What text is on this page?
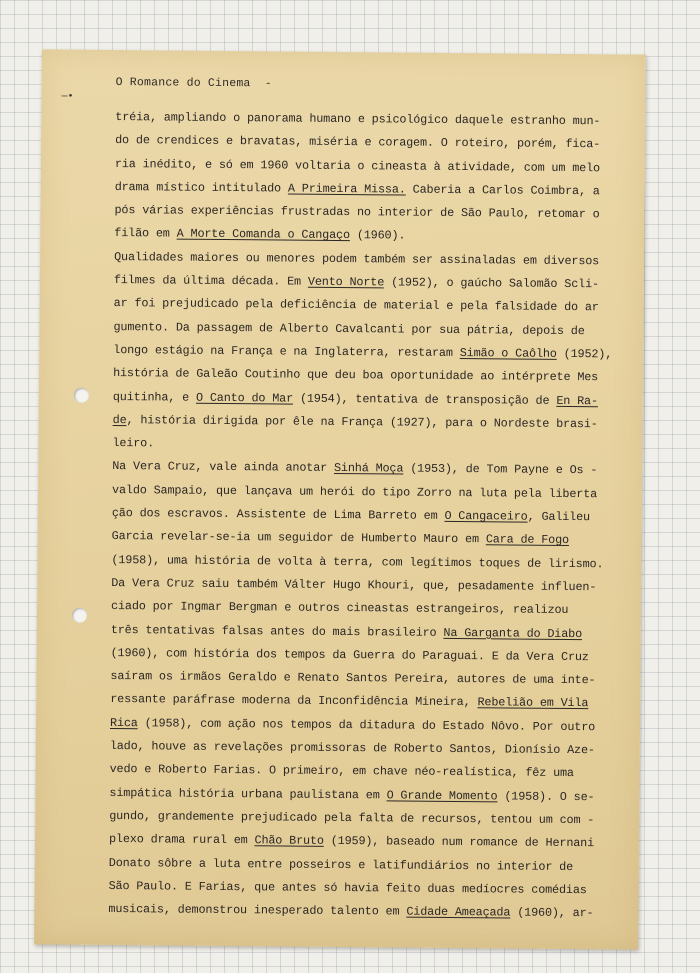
—•
O Romance do Cinema  -
tréia, ampliando o panorama humano e psicológico daquele estranho mun-
do de crendices e bravatas, miséria e coragem. O roteiro, porém, fica-
ria inédito, e só em 1960 voltaria o cineasta à atividade, com um melo
drama místico intitulado A Primeira Missa. Caberia a Carlos Coimbra, a
pós várias experiências frustradas no interior de São Paulo, retomar o
filão em A Morte Comanda o Cangaço (1960).
Qualidades maiores ou menores podem também ser assinaladas em diversos
filmes da última década. Em Vento Norte (1952), o gaúcho Salomão Scli-
ar foi prejudicado pela deficiência de material e pela falsidade do ar
gumento. Da passagem de Alberto Cavalcanti por sua pátria, depois de
longo estágio na França e na Inglaterra, restaram Simão o Caôlho (1952),
história de Galeão Coutinho que deu boa oportunidade ao intérprete Mes
quitinha, e O Canto do Mar (1954), tentativa de transposição de En Ra-
de, história dirigida por êle na França (1927), para o Nordeste brasi-
leiro.
Na Vera Cruz, vale ainda anotar Sinhá Moça (1953), de Tom Payne e Os -
valdo Sampaio, que lançava um herói do tipo Zorro na luta pela liberta
ção dos escravos. Assistente de Lima Barreto em O Cangaceiro, Galileu
Garcia revelar-se-ia um seguidor de Humberto Mauro em Cara de Fogo
(1958), uma história de volta à terra, com legítimos toques de lirismo.
Da Vera Cruz saiu também Válter Hugo Khouri, que, pesadamente influen-
ciado por Ingmar Bergman e outros cineastas estrangeiros, realizou
três tentativas falsas antes do mais brasileiro Na Garganta do Diabo
(1960), com história dos tempos da Guerra do Paraguai. E da Vera Cruz
saíram os irmãos Geraldo e Renato Santos Pereira, autores de uma inte-
ressante paráfrase moderna da Inconfidência Mineira, Rebelião em Vila
Rica (1958), com ação nos tempos da ditadura do Estado Nôvo. Por outro
lado, houve as revelações promissoras de Roberto Santos, Dionísio Aze-
vedo e Roberto Farias. O primeiro, em chave néo-realística, fêz uma
simpática história urbana paulistana em O Grande Momento (1958). O se-
gundo, grandemente prejudicado pela falta de recursos, tentou um com -
plexo drama rural em Chão Bruto (1959), baseado num romance de Hernani
Donato sôbre a luta entre posseiros e latifundiários no interior de
São Paulo. E Farias, que antes só havia feito duas medíocres comédias
musicais, demonstrou inesperado talento em Cidade Ameaçada (1960), ar-
